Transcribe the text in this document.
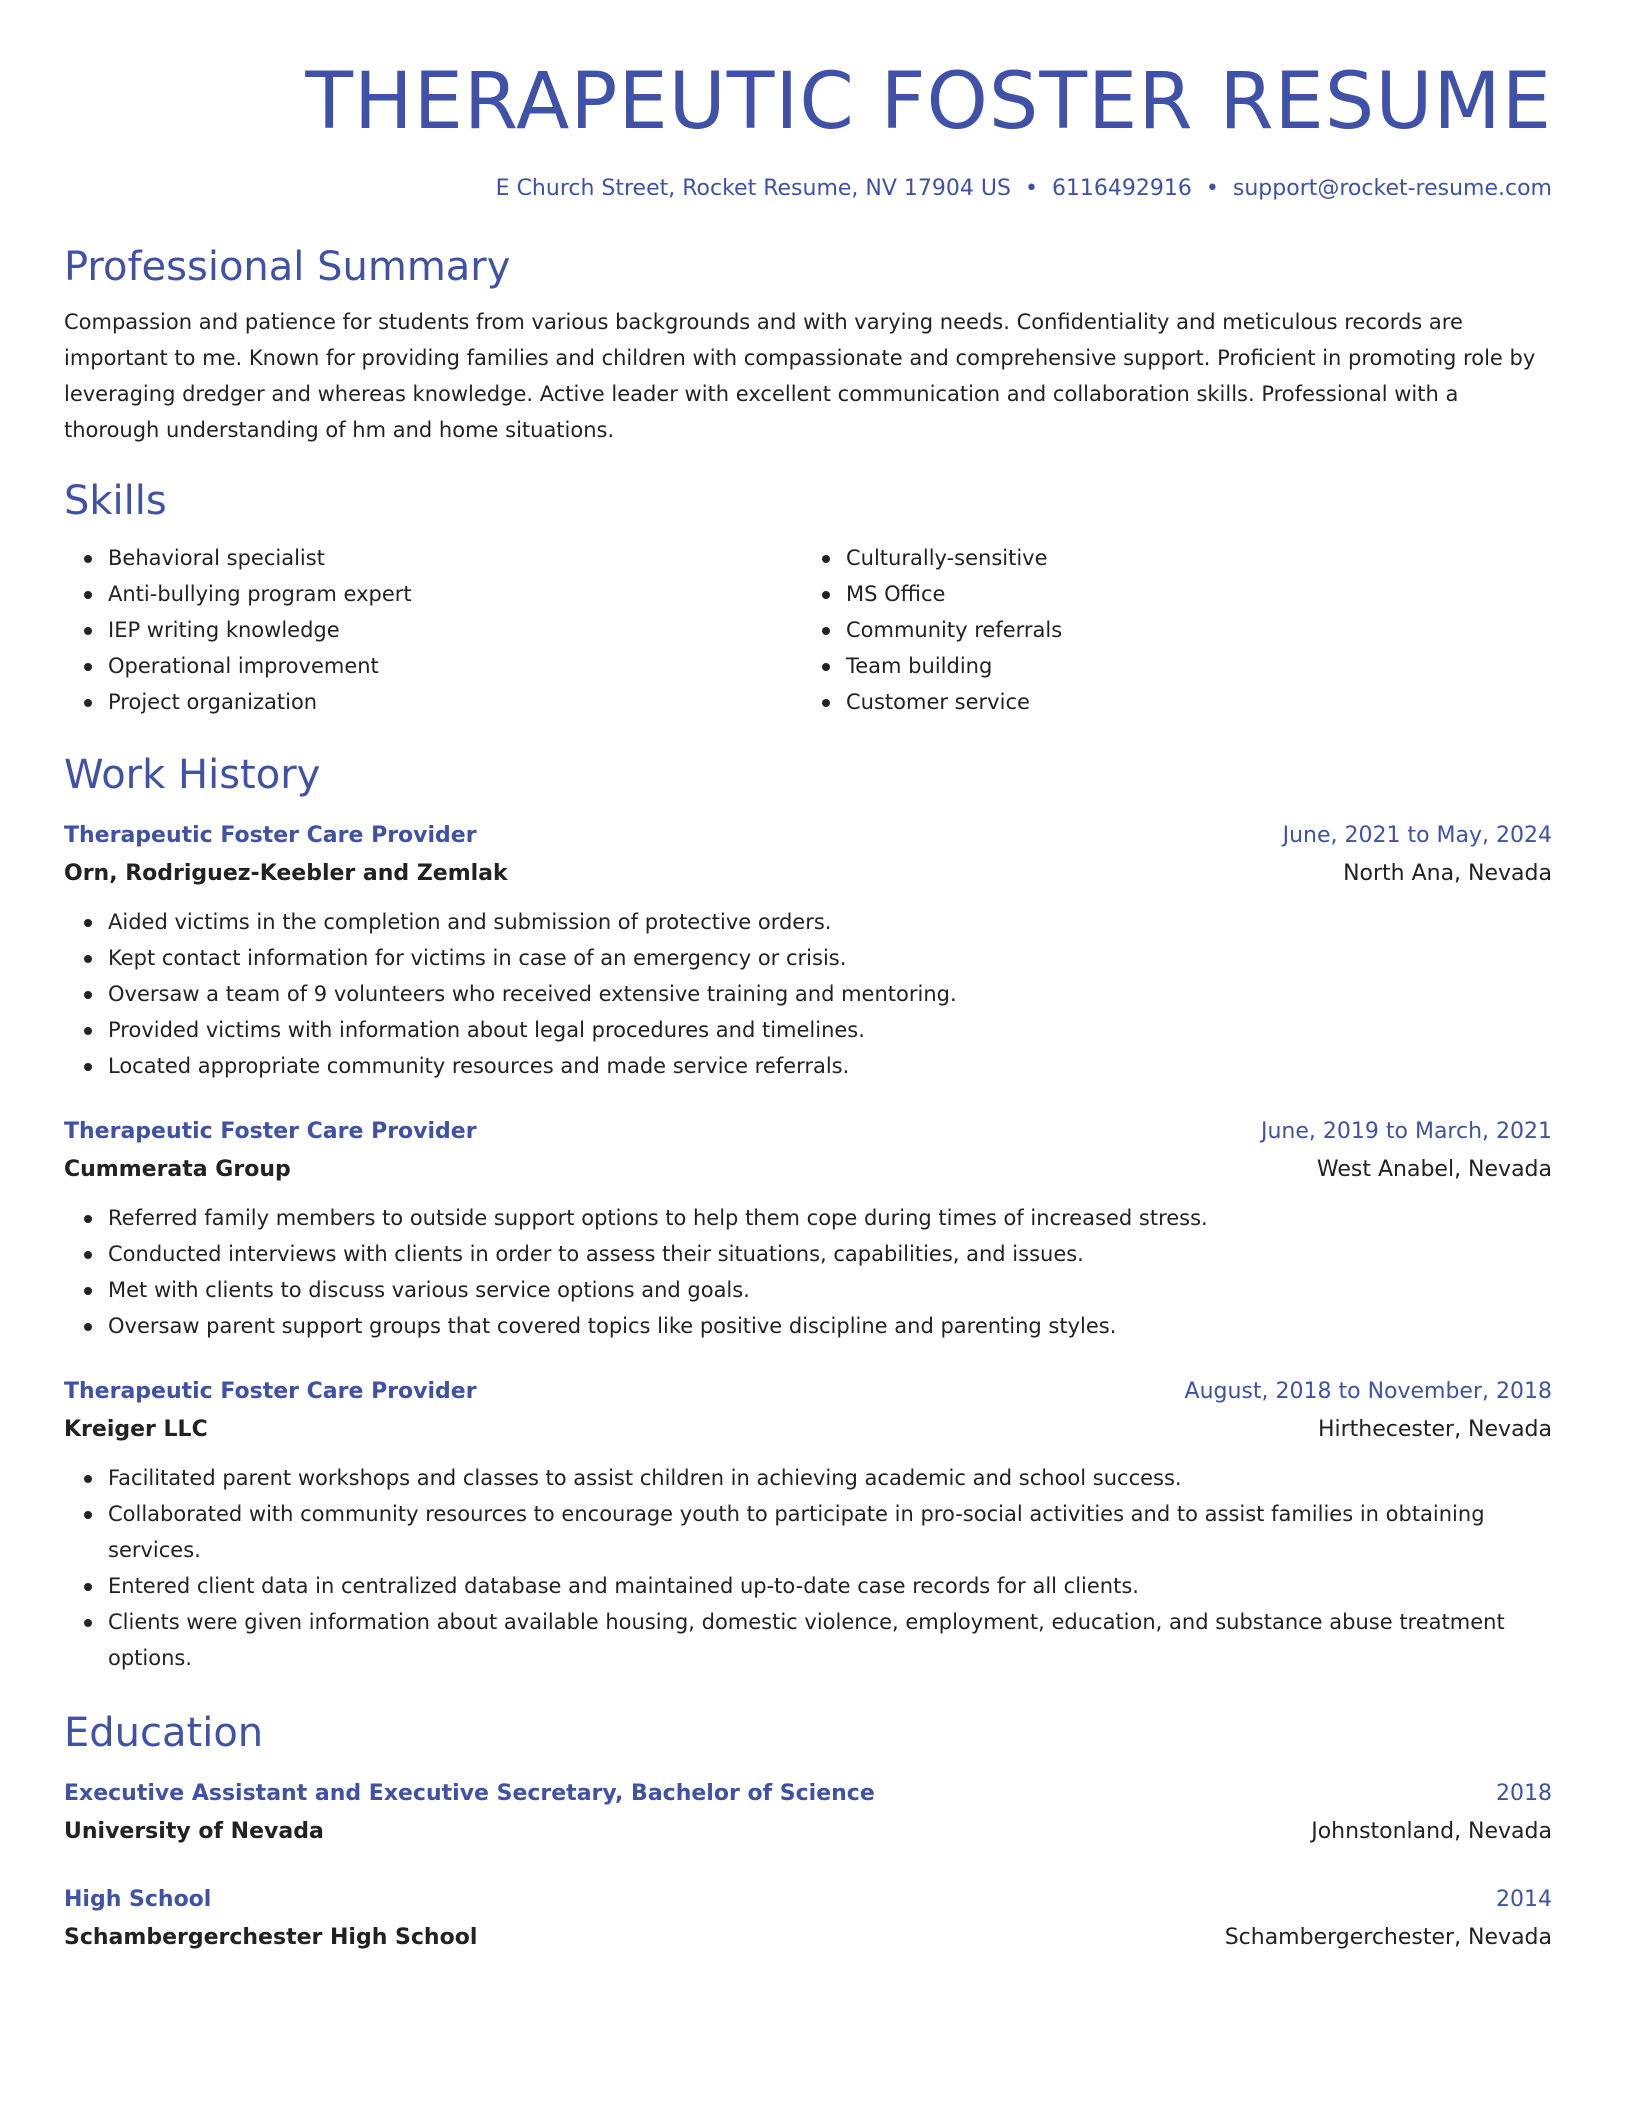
THERAPEUTIC FOSTER RESUME
E Church Street, Rocket Resume, NV 17904 US • 6116492916 • support@rocket-resume.com
Professional Summary
Compassion and patience for students from various backgrounds and with varying needs. Confidentiality and meticulous records are important to me. Known for providing families and children with compassionate and comprehensive support. Proficient in promoting role by leveraging dredger and whereas knowledge. Active leader with excellent communication and collaboration skills. Professional with a thorough understanding of hm and home situations.
Skills
Behavioral specialist
Anti-bullying program expert
IEP writing knowledge
Operational improvement
Project organization
Culturally-sensitive
MS Office
Community referrals
Team building
Customer service
Work History
Therapeutic Foster Care Provider	June, 2021 to May, 2024
Orn, Rodriguez-Keebler and Zemlak	North Ana, Nevada
Aided victims in the completion and submission of protective orders.
Kept contact information for victims in case of an emergency or crisis.
Oversaw a team of 9 volunteers who received extensive training and mentoring.
Provided victims with information about legal procedures and timelines.
Located appropriate community resources and made service referrals.
Therapeutic Foster Care Provider	June, 2019 to March, 2021
Cummerata Group	West Anabel, Nevada
Referred family members to outside support options to help them cope during times of increased stress.
Conducted interviews with clients in order to assess their situations, capabilities, and issues.
Met with clients to discuss various service options and goals.
Oversaw parent support groups that covered topics like positive discipline and parenting styles.
Therapeutic Foster Care Provider	August, 2018 to November, 2018
Kreiger LLC	Hirthecester, Nevada
Facilitated parent workshops and classes to assist children in achieving academic and school success.
Collaborated with community resources to encourage youth to participate in pro-social activities and to assist families in obtaining services.
Entered client data in centralized database and maintained up-to-date case records for all clients.
Clients were given information about available housing, domestic violence, employment, education, and substance abuse treatment options.
Education
Executive Assistant and Executive Secretary, Bachelor of Science	2018
University of Nevada	Johnstonland, Nevada
High School	2014
Schambergerchester High School	Schambergerchester, Nevada
